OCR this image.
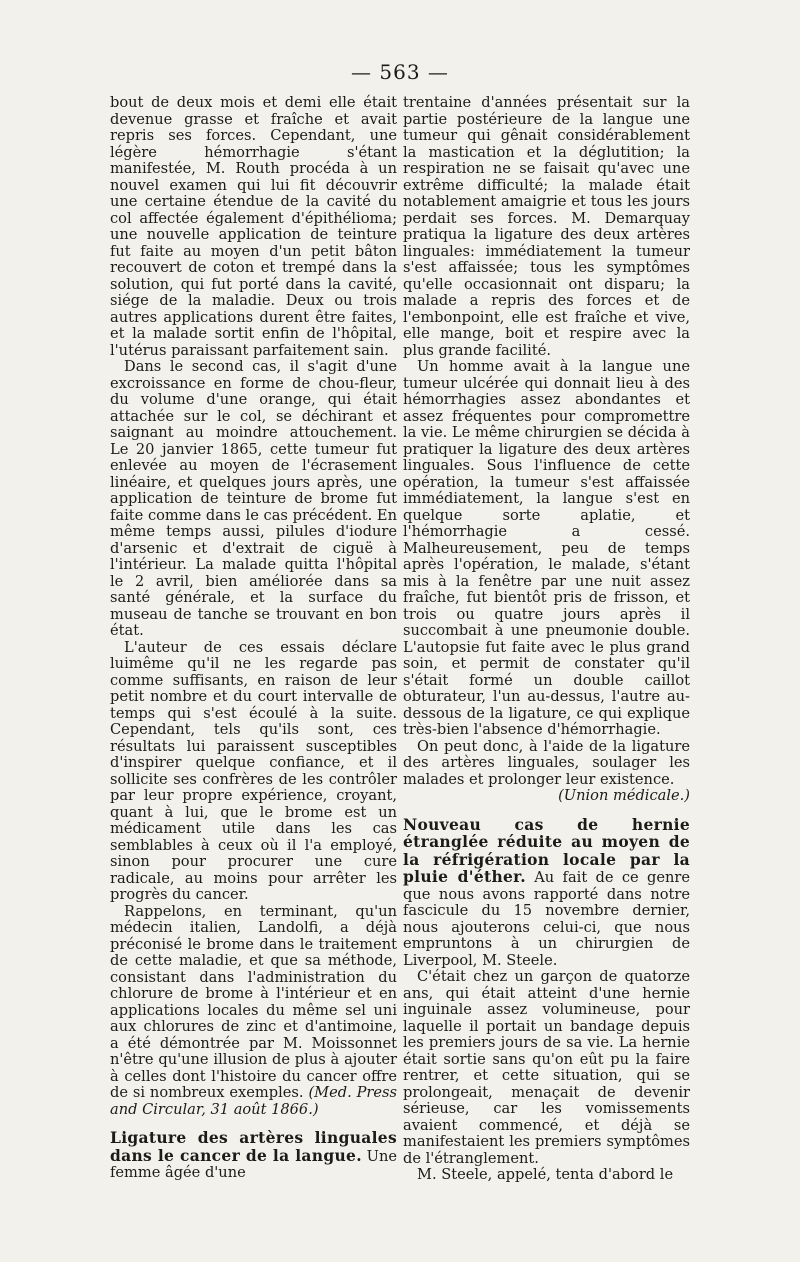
— 563 —

bout de deux mois et demi elle était devenue grasse et fraîche et avait repris ses forces. Cependant, une légère hémorrhagie s'étant manifestée, M. Routh procéda à un nouvel examen qui lui fit découvrir une certaine étendue de la cavité du col affectée également d'épithélioma; une nouvelle application de teinture fut faite au moyen d'un petit bâton recouvert de coton et trempé dans la solution, qui fut porté dans la cavité, siége de la maladie. Deux ou trois autres applications durent être faites, et la malade sortit enfin de l'hôpital, l'utérus paraissant parfaitement sain.

Dans le second cas, il s'agit d'une excroissance en forme de chou-fleur, du volume d'une orange, qui était attachée sur le col, se déchirant et saignant au moindre attouchement. Le 20 janvier 1865, cette tumeur fut enlevée au moyen de l'écrasement linéaire, et quelques jours après, une application de teinture de brome fut faite comme dans le cas précédent. En même temps aussi, pilules d'iodure d'arsenic et d'extrait de ciguë à l'intérieur. La malade quitta l'hôpital le 2 avril, bien améliorée dans sa santé générale, et la surface du museau de tanche se trouvant en bon état.

L'auteur de ces essais déclare luimême qu'il ne les regarde pas comme suffisants, en raison de leur petit nombre et du court intervalle de temps qui s'est écoulé à la suite. Cependant, tels qu'ils sont, ces résultats lui paraissent susceptibles d'inspirer quelque confiance, et il sollicite ses confrères de les contrôler par leur propre expérience, croyant, quant à lui, que le brome est un médicament utile dans les cas semblables à ceux où il l'a employé, sinon pour procurer une cure radicale, au moins pour arrêter les progrès du cancer.

Rappelons, en terminant, qu'un médecin italien, Landolfi, a déjà préconisé le brome dans le traitement de cette maladie, et que sa méthode, consistant dans l'administration du chlorure de brome à l'intérieur et en applications locales du même sel uni aux chlorures de zinc et d'antimoine, a été démontrée par M. Moissonnet n'être qu'une illusion de plus à ajouter à celles dont l'histoire du cancer offre de si nombreux exemples. (Med. Press and Circular, 31 août 1866.)

Ligature des artères linguales dans le cancer de la langue. Une femme âgée d'une

trentaine d'années présentait sur la partie postérieure de la langue une tumeur qui gênait considérablement la mastication et la déglutition; la respiration ne se faisait qu'avec une extrême difficulté; la malade était notablement amaigrie et tous les jours perdait ses forces. M. Demarquay pratiqua la ligature des deux artères linguales: immédiatement la tumeur s'est affaissée; tous les symptômes qu'elle occasionnait ont disparu; la malade a repris des forces et de l'embonpoint, elle est fraîche et vive, elle mange, boit et respire avec la plus grande facilité.

Un homme avait à la langue une tumeur ulcérée qui donnait lieu à des hémorrhagies assez abondantes et assez fréquentes pour compromettre la vie. Le même chirurgien se décida à pratiquer la ligature des deux artères linguales. Sous l'influence de cette opération, la tumeur s'est affaissée immédiatement, la langue s'est en quelque sorte aplatie, et l'hémorrhagie a cessé. Malheureusement, peu de temps après l'opération, le malade, s'étant mis à la fenêtre par une nuit assez fraîche, fut bientôt pris de frisson, et trois ou quatre jours après il succombait à une pneumonie double. L'autopsie fut faite avec le plus grand soin, et permit de constater qu'il s'était formé un double caillot obturateur, l'un au-dessus, l'autre au-dessous de la ligature, ce qui explique très-bien l'absence d'hémorrhagie.

On peut donc, à l'aide de la ligature des artères linguales, soulager les malades et prolonger leur existence.

(Union médicale.)

Nouveau cas de hernie étranglée réduite au moyen de la réfrigération locale par la pluie d'éther. Au fait de ce genre que nous avons rapporté dans notre fascicule du 15 novembre dernier, nous ajouterons celui-ci, que nous empruntons à un chirurgien de Liverpool, M. Steele.

C'était chez un garçon de quatorze ans, qui était atteint d'une hernie inguinale assez volumineuse, pour laquelle il portait un bandage depuis les premiers jours de sa vie. La hernie était sortie sans qu'on eût pu la faire rentrer, et cette situation, qui se prolongeait, menaçait de devenir sérieuse, car les vomissements avaient commencé, et déjà se manifestaient les premiers symptômes de l'étranglement.

M. Steele, appelé, tenta d'abord le
